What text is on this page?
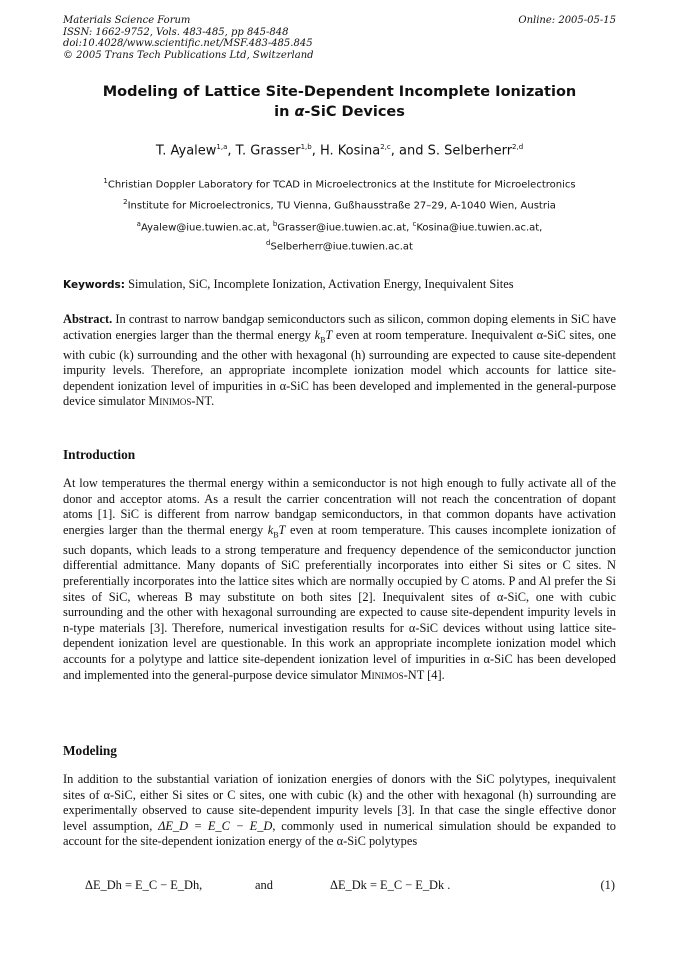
Materials Science Forum
ISSN: 1662-9752, Vols. 483-485, pp 845-848
doi:10.4028/www.scientific.net/MSF.483-485.845
© 2005 Trans Tech Publications Ltd, Switzerland
Online: 2005-05-15
Modeling of Lattice Site-Dependent Incomplete Ionization
in α-SiC Devices
T. Ayalew$^{1,a}$, T. Grasser$^{1,b}$, H. Kosina$^{2,c}$, and S. Selberherr$^{2,d}$
$^1$Christian Doppler Laboratory for TCAD in Microelectronics at the Institute for Microelectronics
$^2$Institute for Microelectronics, TU Vienna, Gußhausstraße 27–29, A-1040 Wien, Austria
$^a$Ayalew@iue.tuwien.ac.at, $^b$Grasser@iue.tuwien.ac.at, $^c$Kosina@iue.tuwien.ac.at,
$^d$Selberherr@iue.tuwien.ac.at
Keywords: Simulation, SiC, Incomplete Ionization, Activation Energy, Inequivalent Sites
Abstract. In contrast to narrow bandgap semiconductors such as silicon, common doping elements in SiC have activation energies larger than the thermal energy $k_BT$ even at room temperature. Inequivalent α-SiC sites, one with cubic (k) surrounding and the other with hexagonal (h) surrounding are expected to cause site-dependent impurity levels. Therefore, an appropriate incomplete ionization model which accounts for lattice site-dependent ionization level of impurities in α-SiC has been developed and implemented in the general-purpose device simulator Minimos-NT.
Introduction
At low temperatures the thermal energy within a semiconductor is not high enough to fully activate all of the donor and acceptor atoms. As a result the carrier concentration will not reach the concentration of dopant atoms [1]. SiC is different from narrow bandgap semiconductors, in that common dopants have activation energies larger than the thermal energy $k_BT$ even at room temperature. This causes incomplete ionization of such dopants, which leads to a strong temperature and frequency dependence of the semiconductor junction differential admittance. Many dopants of SiC preferentially incorporates into either Si sites or C sites. N preferentially incorporates into the lattice sites which are normally occupied by C atoms. P and Al prefer the Si sites of SiC, whereas B may substitute on both sites [2]. Inequivalent sites of α-SiC, one with cubic surrounding and the other with hexagonal surrounding are expected to cause site-dependent impurity levels in n-type materials [3]. Therefore, numerical investigation results for α-SiC devices without using lattice site-dependent ionization level are questionable. In this work an appropriate incomplete ionization model which accounts for a polytype and lattice site-dependent ionization level of impurities in α-SiC has been developed and implemented into the general-purpose device simulator Minimos-NT [4].
Modeling
In addition to the substantial variation of ionization energies of donors with the SiC polytypes, inequivalent sites of α-SiC, either Si sites or C sites, one with cubic (k) and the other with hexagonal (h) surrounding are experimentally observed to cause site-dependent impurity levels [3]. In that case the single effective donor level assumption, ΔE_D = E_C − E_D, commonly used in numerical simulation should be expanded to account for the site-dependent ionization energy of the α-SiC polytypes
ΔE_Dh = E_C − E_Dh,	and	ΔE_Dk = E_C − E_Dk .	(1)
